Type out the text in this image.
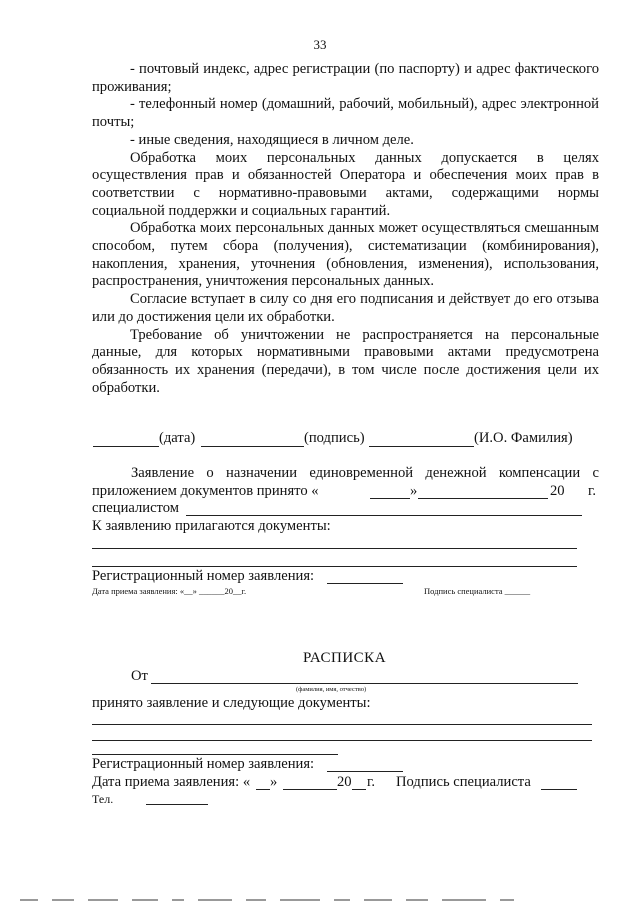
33

- почтовый индекс, адрес регистрации (по паспорту) и адрес фактического проживания;

- телефонный номер (домашний, рабочий, мобильный), адрес электронной почты;

- иные сведения, находящиеся в личном деле.

Обработка моих персональных данных допускается в целях осуществления прав и обязанностей Оператора и обеспечения моих прав в соответствии с нормативно-правовыми актами, содержащими нормы социальной поддержки и социальных гарантий.

Обработка моих персональных данных может осуществляться смешанным способом, путем сбора (получения), систематизации (комбинирования), накопления, хранения, уточнения (обновления, изменения), использования, распространения, уничтожения персональных данных.

Согласие вступает в силу со дня его подписания и действует до его отзыва или до достижения цели их обработки.

Требование об уничтожении не распространяется на персональные данные, для которых нормативными правовыми актами предусмотрена обязанность их хранения (передачи), в том числе после достижения цели их обработки.

(дата)	(подпись)	(И.О. Фамилия)
Заявление о назначении единовременной денежной компенсации с
приложением документов принято «	»	20 г.
специалистом
К заявлению прилагаются документы:
Регистрационный номер заявления:
Дата приема заявления: «__» ______20__г.	Подпись специалиста ______
РАСПИСКА
От
(фамилия, имя, отчество)
принято заявление и следующие документы:
Регистрационный номер заявления:
Дата приема заявления: « »	20 г. Подпись специалиста
Тел.
